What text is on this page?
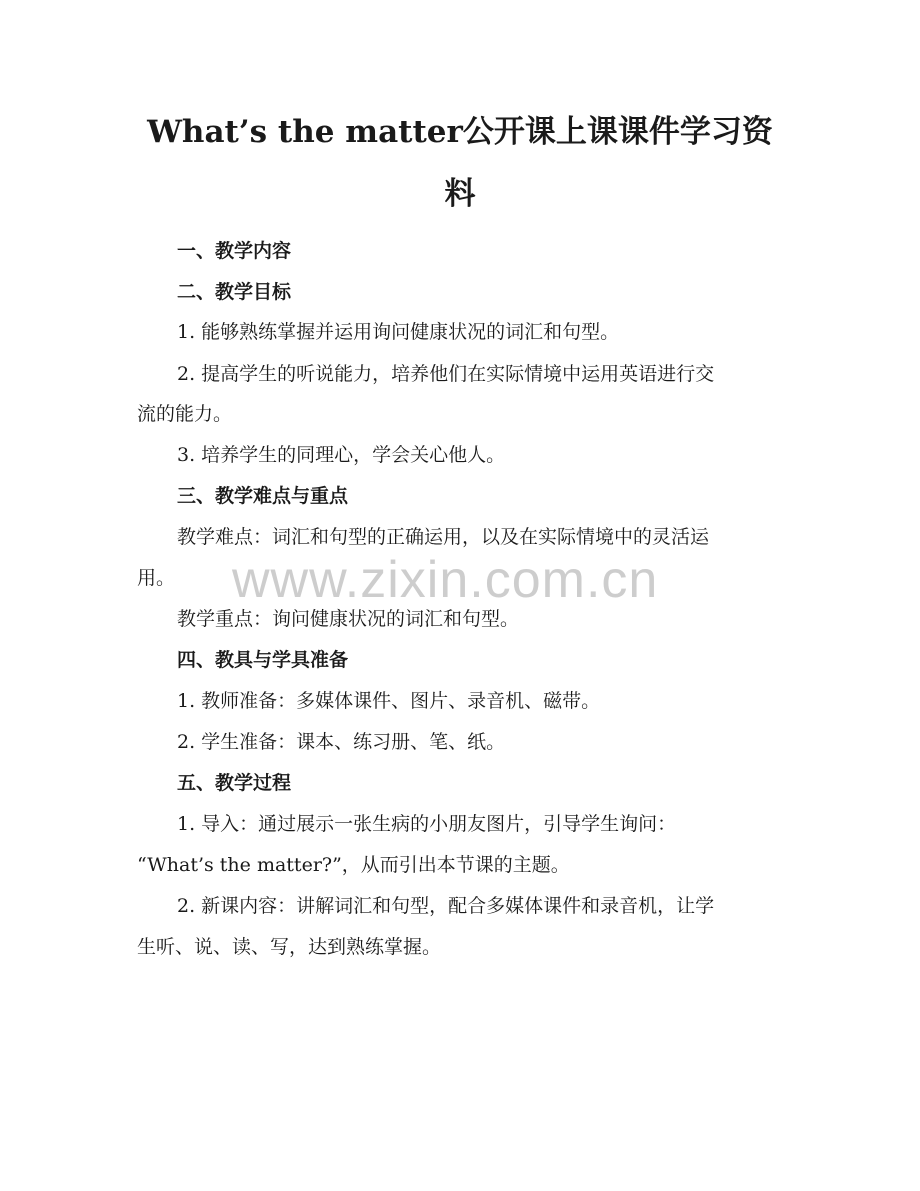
What’s the matter公开课上课课件学习资
料
一、教学内容
二、教学目标
1. 能够熟练掌握并运用询问健康状况的词汇和句型。
2. 提高学生的听说能力，培养他们在实际情境中运用英语进行交
流的能力。
3. 培养学生的同理心，学会关心他人。
三、教学难点与重点
教学难点：词汇和句型的正确运用，以及在实际情境中的灵活运
用。
教学重点：询问健康状况的词汇和句型。
四、教具与学具准备
1. 教师准备：多媒体课件、图片、录音机、磁带。
2. 学生准备：课本、练习册、笔、纸。
五、教学过程
1. 导入：通过展示一张生病的小朋友图片，引导学生询问：
“What’s the matter?”，从而引出本节课的主题。
2. 新课内容：讲解词汇和句型，配合多媒体课件和录音机，让学
生听、说、读、写，达到熟练掌握。
www.zixin.com.cn
